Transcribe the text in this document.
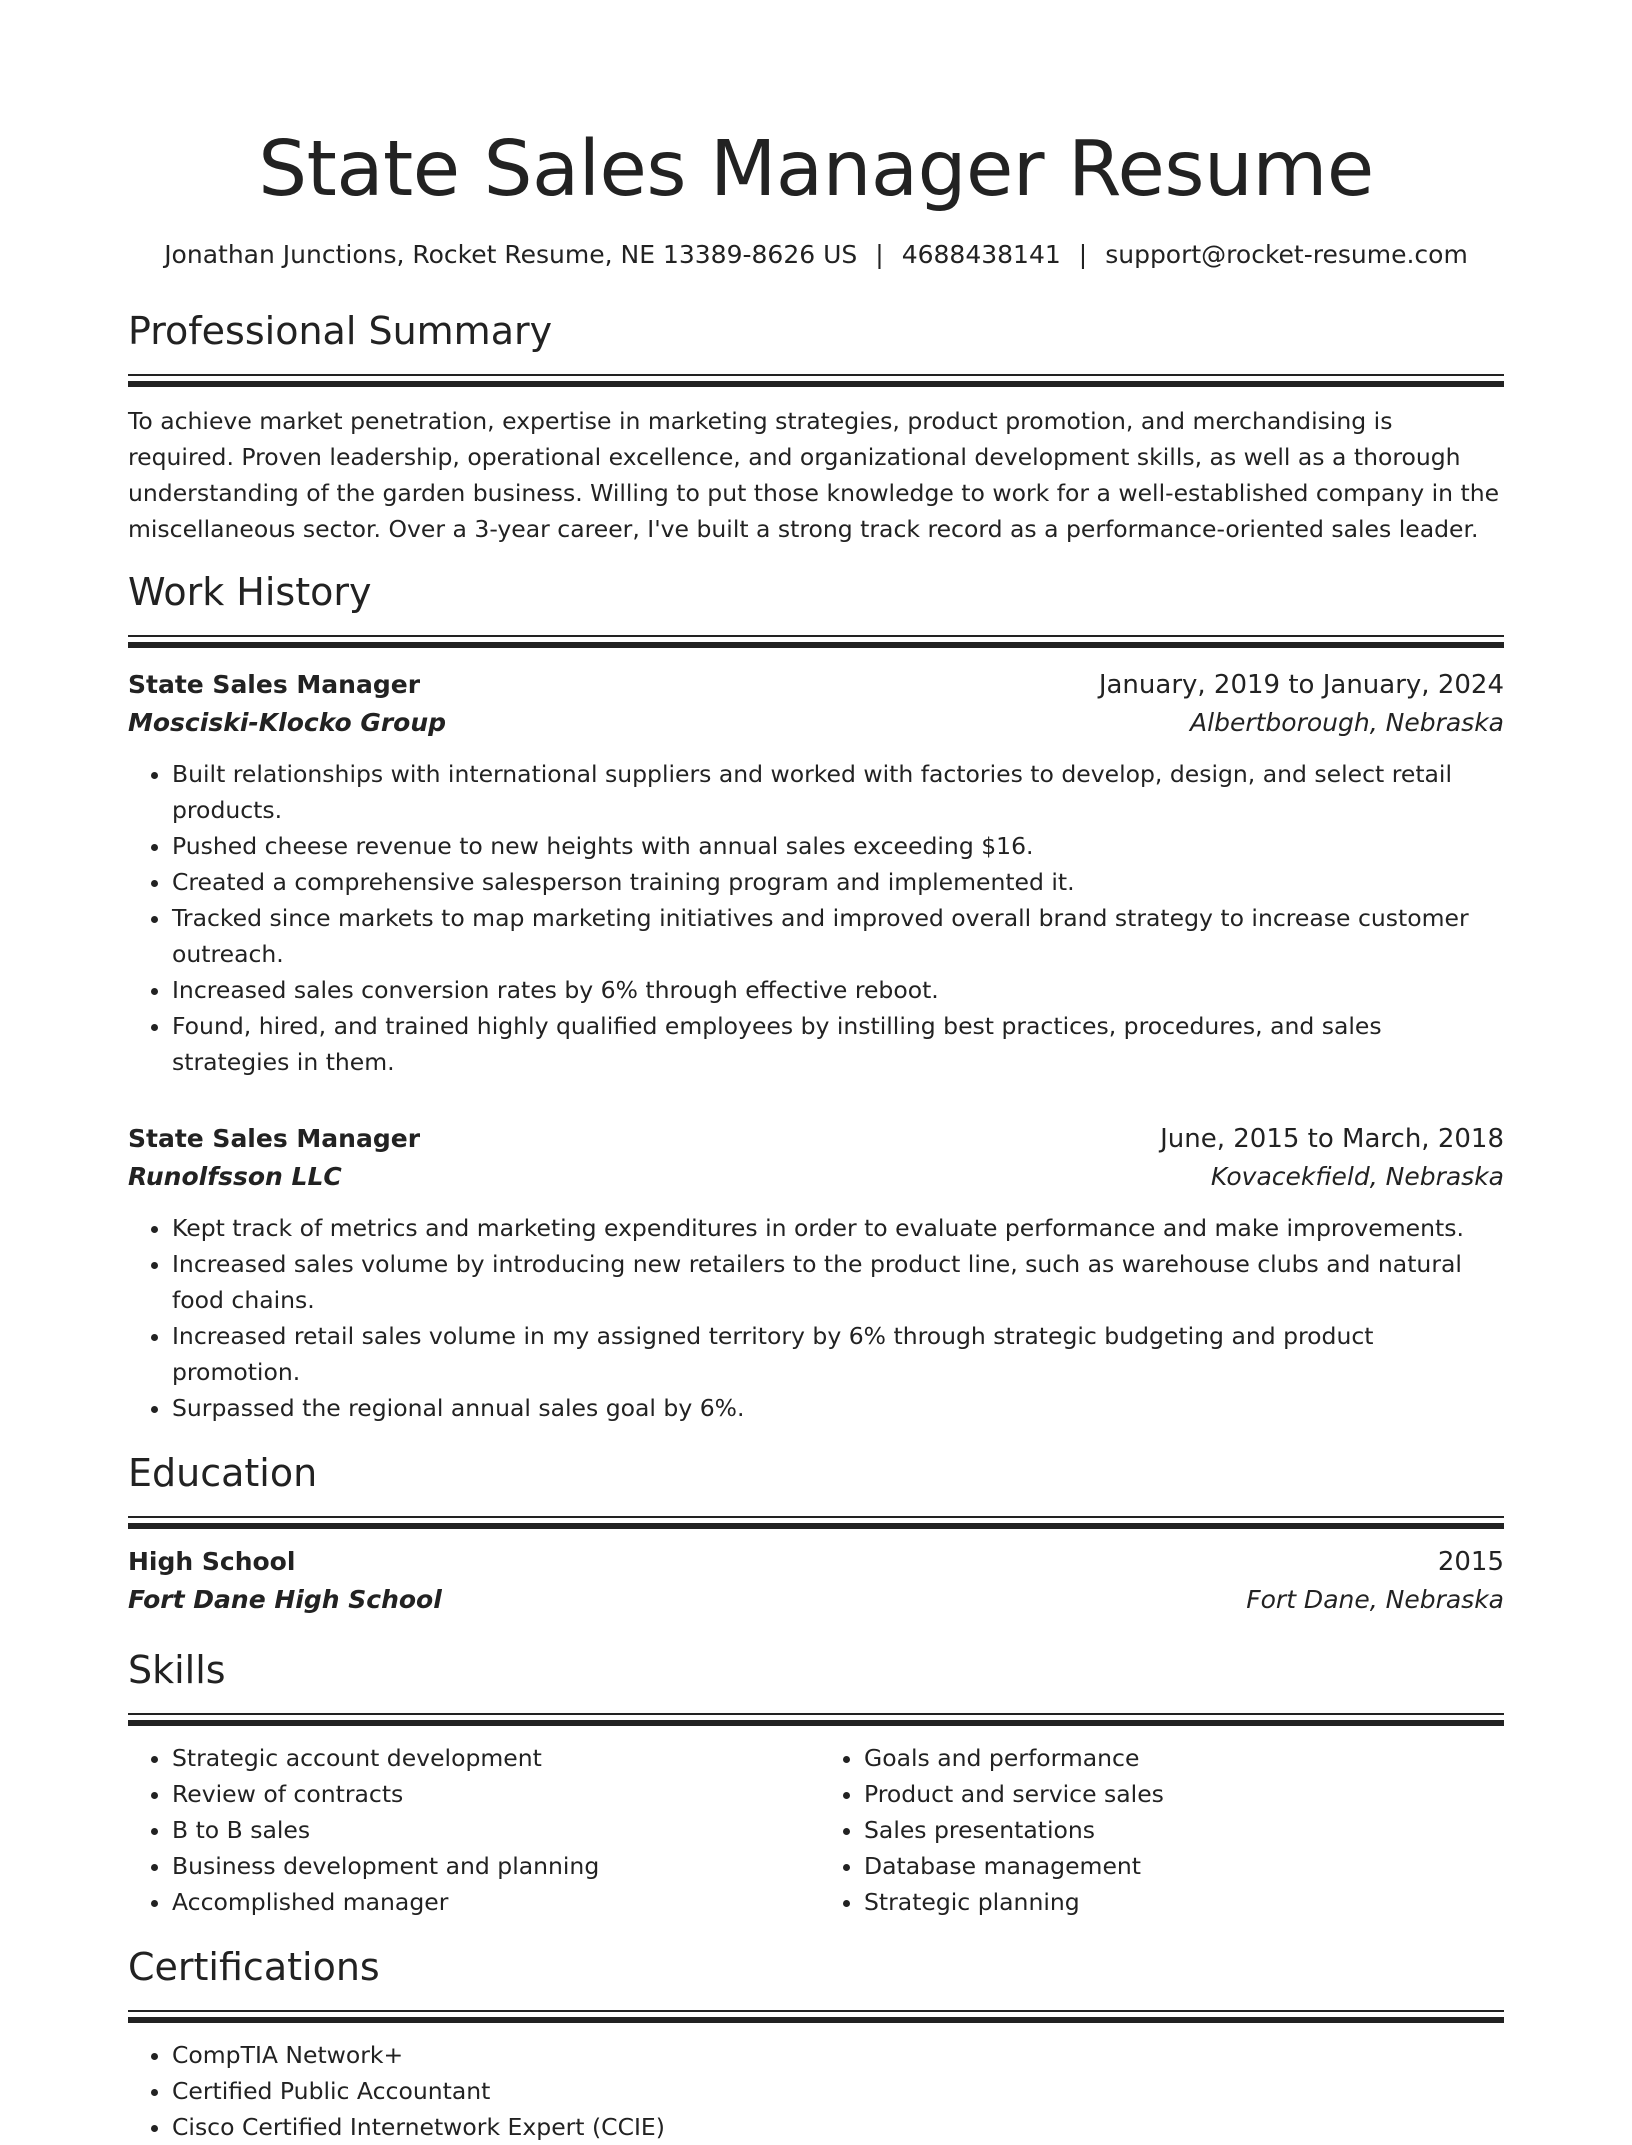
State Sales Manager Resume
Jonathan Junctions, Rocket Resume, NE 13389-8626 US | 4688438141 | support@rocket-resume.com
Professional Summary

To achieve market penetration, expertise in marketing strategies, product promotion, and merchandising is required. Proven leadership, operational excellence, and organizational development skills, as well as a thorough understanding of the garden business. Willing to put those knowledge to work for a well-established company in the miscellaneous sector. Over a 3-year career, I've built a strong track record as a performance-oriented sales leader.

Work History
State Sales Manager	January, 2019 to January, 2024
Mosciski-Klocko Group	Albertborough, Nebraska
• Built relationships with international suppliers and worked with factories to develop, design, and select retail products.
• Pushed cheese revenue to new heights with annual sales exceeding $16.
• Created a comprehensive salesperson training program and implemented it.
• Tracked since markets to map marketing initiatives and improved overall brand strategy to increase customer outreach.
• Increased sales conversion rates by 6% through effective reboot.
• Found, hired, and trained highly qualified employees by instilling best practices, procedures, and sales strategies in them.
State Sales Manager	June, 2015 to March, 2018
Runolfsson LLC	Kovacekfield, Nebraska
• Kept track of metrics and marketing expenditures in order to evaluate performance and make improvements.
• Increased sales volume by introducing new retailers to the product line, such as warehouse clubs and natural food chains.
• Increased retail sales volume in my assigned territory by 6% through strategic budgeting and product promotion.
• Surpassed the regional annual sales goal by 6%.
Education
High School	2015
Fort Dane High School	Fort Dane, Nebraska
Skills
• Strategic account development
• Review of contracts
• B to B sales
• Business development and planning
• Accomplished manager
• Goals and performance
• Product and service sales
• Sales presentations
• Database management
• Strategic planning
Certifications
• CompTIA Network+
• Certified Public Accountant
• Cisco Certified Internetwork Expert (CCIE)
